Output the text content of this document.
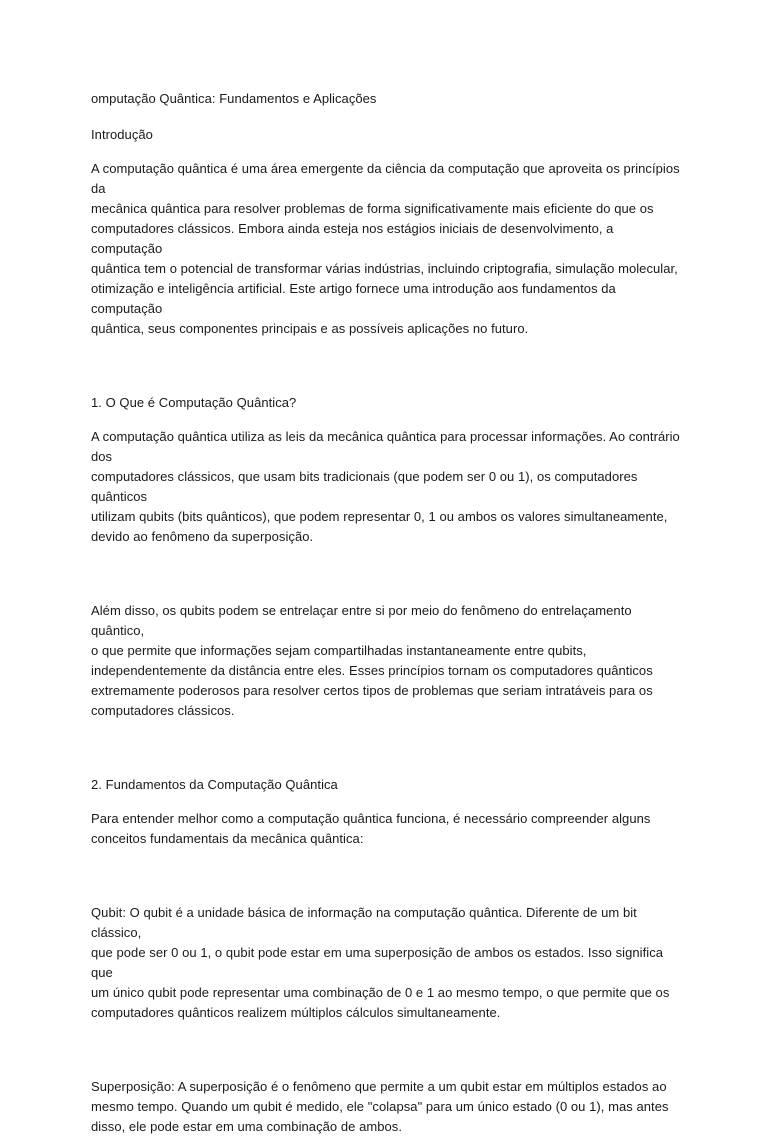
omputação Quântica: Fundamentos e Aplicações
Introdução
A computação quântica é uma área emergente da ciência da computação que aproveita os princípios da
mecânica quântica para resolver problemas de forma significativamente mais eficiente do que os
computadores clássicos. Embora ainda esteja nos estágios iniciais de desenvolvimento, a computação
quântica tem o potencial de transformar várias indústrias, incluindo criptografia, simulação molecular,
otimização e inteligência artificial. Este artigo fornece uma introdução aos fundamentos da computação
quântica, seus componentes principais e as possíveis aplicações no futuro.
1. O Que é Computação Quântica?
A computação quântica utiliza as leis da mecânica quântica para processar informações. Ao contrário dos
computadores clássicos, que usam bits tradicionais (que podem ser 0 ou 1), os computadores quânticos
utilizam qubits (bits quânticos), que podem representar 0, 1 ou ambos os valores simultaneamente,
devido ao fenômeno da superposição.
Além disso, os qubits podem se entrelaçar entre si por meio do fenômeno do entrelaçamento quântico,
o que permite que informações sejam compartilhadas instantaneamente entre qubits,
independentemente da distância entre eles. Esses princípios tornam os computadores quânticos
extremamente poderosos para resolver certos tipos de problemas que seriam intratáveis para os
computadores clássicos.
2. Fundamentos da Computação Quântica
Para entender melhor como a computação quântica funciona, é necessário compreender alguns
conceitos fundamentais da mecânica quântica:
Qubit: O qubit é a unidade básica de informação na computação quântica. Diferente de um bit clássico,
que pode ser 0 ou 1, o qubit pode estar em uma superposição de ambos os estados. Isso significa que
um único qubit pode representar uma combinação de 0 e 1 ao mesmo tempo, o que permite que os
computadores quânticos realizem múltiplos cálculos simultaneamente.
Superposição: A superposição é o fenômeno que permite a um qubit estar em múltiplos estados ao
mesmo tempo. Quando um qubit é medido, ele "colapsa" para um único estado (0 ou 1), mas antes
disso, ele pode estar em uma combinação de ambos.
